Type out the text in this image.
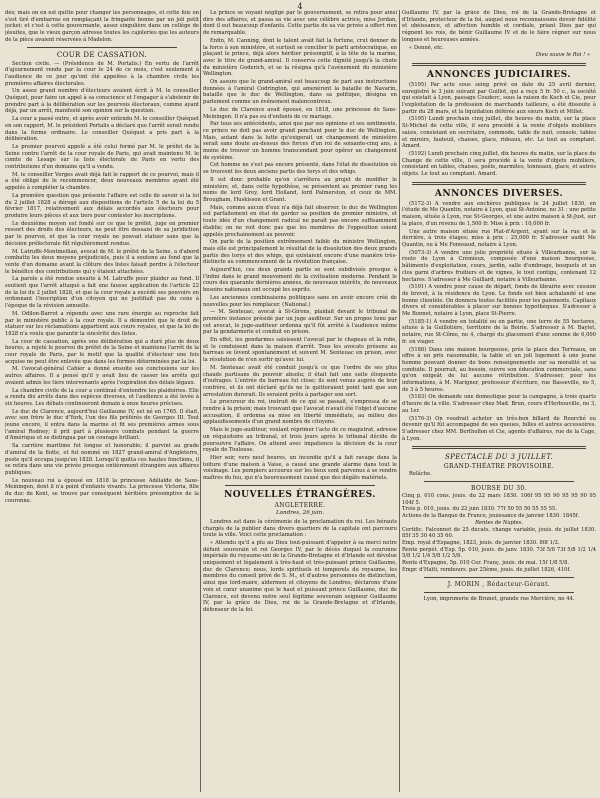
4

dés; mais on en est quitte pour changer les personnages, et cette fois on s'est tiré d'embarras en remplaçant la fringante bonne par un joli petit jockei; et c'est à cette gouvernante, assez singulière dans un collège de jésuites, que le vieux garçon adresse toutes les cajoleries que les auteurs de la pièce avaient réservées à Madelon.

COUR DE CASSATION.

Section civile. — (Présidence de M. Portalis.) En vertu de l'arrêt d'ajournement rendu par la cour le 24 de ce mois, c'est seulement à l'audience de ce jour qu'ont été appelées à la chambre civile les premières affaires électorales.

Un assez grand nombre d'électeurs avaient écrit à M. le conseiller Quéquet, pour faire un appel à sa conscience et l'engager à s'abstenir de prendre part à la délibération sur les pourvois électoraux, comme ayant déjà, par un arrêt, manifesté son opinion sur la question.

La cour a passé outre, et après avoir entendu M. le conseiller Quéquet en son rapport, M. le président Portalis a déclaré que l'arrêt serait rendu dans la forme ordinaire. Le conseiller Quéquet a pris part à la délibération.

Le premier pourvoi appelé a été celui formé par M. le préfet de la Seine contre l'arrêt de la cour royale de Paris, qui avait maintenu M. le comte de Lesage sur la liste électorale de Paris en vertu des contributions d'un domaine qu'il a vendu.

M. le conseiller Verges avait déjà fait le rapport de ce pourvoi, mais il a été obligé de le recommencer, deux nouveaux membres ayant été appelés à compléter la chambre.

La première question que présente l'affaire est celle de savoir si la loi du 2 juillet 1828 a dérogé aux dispositions de l'article 5 de la loi du 5 février 1817, relativement aux délais accordés aux électeurs pour produire leurs pièces et aux tiers pour contester les inscriptions.

Le deuxième moyen est fondé sur ce que le préfet, juge en premier ressort des droits des électeurs, ne peut être dessaisi de sa juridiction par le pourvoi, et que la cour royale ne pouvait statuer sans que la décision préfectorale fût régulièrement rendue.

M. Latruffe-Montmeilian, avocat de M. le préfet de la Seine, a d'abord combattu les deux moyens préjudiciels, puis il a soutenu au fond que la vente d'un domaine avant la clôture des listes faisait perdre à l'électeur le bénéfice des contributions qui y étaient attachées.

La parole a été rendue ensuite à M. Latruffe pour plaider au fond. Il soutient que l'arrêt attaqué a fait une fausse application de l'article 22 de la loi du 2 juillet 1828, et que la cour royale a excédé ses pouvoirs en ordonnant l'inscription d'un citoyen qui ne justifiait pas du cens à l'époque de la révision annuelle.

M. Odilon-Barrot a répondu avec une rare énergie au reproche fait par le ministère public à la cour royale. Il a démontré que le droit de statuer sur les réclamations appartient aux cours royales, et que la loi de 1828 n'a voulu que garantir la sincérité des listes.

La cour de cassation, après une délibération qui a duré plus de deux heures, a rejeté le pourvoi du préfet de la Seine et maintenu l'arrêt de la cour royale de Paris, par le motif que la qualité d'électeur une fois acquise ne peut être enlevée que dans les formes déterminées par la loi.

M. l'avocat-général Cahier a donné ensuite ses conclusions sur les autres affaires. Il a pensé qu'il y avait lieu de casser les arrêts qui avaient admis les tiers intervenants après l'expiration des délais légaux.

La chambre civile de la cour a continué d'entendre les plaidoiries. Elle a rendu dix arrêts dans des espèces diverses, et l'audience a été levée à six heures. Les débats continueront demain à onze heures précises.

Le duc de Clarence, aujourd'hui Guillaume IV, est né en 1765. Il était, avec son frère le duc d'York, l'un des fils préférés de Georges III. Tout jeune encore, il entra dans la marine et fit ses premières armes sous l'amiral Rodney; il prit part à plusieurs combats pendant la guerre d'Amérique et se distingua par un courage brillant.

Sa carrière maritime fut longue et honorable; il parvint au grade d'amiral de la flotte, et fut nommé en 1827 grand-amiral d'Angleterre, poste qu'il occupa jusqu'en 1828. Lorsqu'il quitta ces hautes fonctions, il se retira dans une vie privée presque entièrement étrangère aux affaires publiques.

Le nouveau roi a épousé en 1818 la princesse Adélaïde de Saxe-Meiningen, dont il n'a point d'enfants vivants. La princesse Victoria, fille du duc de Kent, se trouve par conséquent héritière présomptive de la couronne.

Le prince se voyant négligé par le gouvernement, se retira pour ainsi dire des affaires, et passa sa vie avec une célèbre actrice, miss Jordan, dont il eut beaucoup d'enfants. Cette partie de sa vie privée a offert rien de remarquable.

Enfin, M. Canning, dont le talent avait fait la fortune, crut donner de la force à son ministère, et surtout se concilier le parti aristocratique, en plaçant le prince, déjà alors héritier présomptif, à la tête de la marine, avec le titre de grand-amiral. Il conserva cette dignité jusqu'à la chute du ministère Goderich, et se la résigna qu'à l'avénement du ministère Wellington.

On assure que le grand-amiral eut beaucoup de part aux instructions données à l'amiral Codrington, qui amenèrent la bataille de Navarin, bataille que le duc de Wellington, dans sa politique, désigna en parlement comme un événement malencontreux.

Le duc de Clarence avait épousé, en 1818, une princesse de Saxe-Meiningen. Il n'a pas eu d'enfants de ce mariage.

Par tous ses antécédents, ainsi que par ses opinions et ses sentiments, ce prince ne doit pas avoir grand penchant pour le duc de Wellington. Mais, autant dans la lutte qu'exigerait un changement de ministère serait sans doute au-dessus des forces d'un roi de soixante-cinq ans, à moins de trouver un homme transcendant pour opérer un changement de système.

Cet homme ne s'est pas encore présenté, dans l'état de dissolution où se trouvent les deux anciens partis des torys et des whigs.

Il est donc probable qu'on s'arrêtera au projet de modifier le ministère, et, dans cette hypothèse, se présentent au premier rang les noms de lord Grey, lord Holland, lord Palmerston, et ceux de MM. Brougham, Huskisson et Grant.

Mais, comme aucun d'eux n'a déjà fait observer, le duc de Wellington est parfaitement en état de garder sa position de premier ministre, et toute idée d'un changement radical ne paraît pas encore suffisamment établie; on ne voit donc pas que les membres de l'opposition soient appelés prochainement au pouvoir.

On parle de la position extrêmement faible du ministre Wellington, mais elle est principalement le résultat de la dissolution des deux grands partis des torys et des whigs, qui existaient encore d'une manière très-distincte au commencement de la révolution française.

Aujourd'hui, ces deux grands partis se sont subdivisés presque à l'infini dans le grand mouvement de la civilisation moderne. Pendant le cours des quarante dernières années, de nouveaux intérêts, de nouveaux besoins nationaux ont occupé les esprits.

Les anciennes combinaisons politiques sans en avoir encore créé de nouvelles pour les remplacer. (National.)

— M. Senteuac, avocat à St-Girons, plaidait devant le tribunal de première instance présidé par un juge auditeur. Sur un propos tenu par cet avocat, le juge-auditeur ordonna qu'il fût arrêté à l'audience même par la gendarmerie et conduit en prison.

En effet, les gendarmes saisissent l'avocat par le chapeau et la robe, et le conduisent dans la maison d'arrêt. Tous les avocats présens au barreau se lèvent spontanément et suivent M. Senteuac en prison, avec la résolution de n'en sortir qu'avec lui.

M. Senteuac avait été conduit jusqu'à ce que l'ordre de ses plus chauds partisans du pouvoir absolu; il était fait une suite éloquente d'outrages. L'entrée du barreau fut close; ils sont venus auprès de leur confrère, et ils ont déclaré qu'ils ne le quitteraient point tant que son arrestation durerait. Ils seraient prêts à partager son sort.

Le procureur du roi, instruit de ce qui se passait, s'empressa de se rendre à la prison; mais trouvant que l'avocat n'avait été l'objet d'aucune accusation, il ordonna sa mise en liberté immédiate, au milieu des applaudissements d'un grand nombre de citoyens.

Mais le juge-auditeur, voulant réprimer l'acte de ce magistrat, adresse un réquisitoire au tribunal, et trois jours après le tribunal décide de poursuivre l'affaire. On attend avec impatience la décision de la cour royale de Toulouse.

Hier soir, vers neuf heures, un incendie qu'il a fait ravage dans la toiture d'une maison à Vaise, a causé une grande alarme dans tout le voisinage. Les pompiers accourus sur les lieux sont parvenus à se rendre maîtres du feu, qui n'a heureusement causé que des dégâts matériels.

NOUVELLES ÉTRANGÈRES.
ANGLETERRE.
Londres, 26 juin.

Londres est dans la cérémonie de la proclamation du roi. Les hérauts chargés de la publier dans divers quartiers de la capitale ont parcouru toute la ville. Voici cette proclamation :

« Attendu qu'il a plu au Dieu tout-puissant d'appeler à sa merci notre défunt souverain et roi Georges IV, par le décès duquel la couronne impériale du royaume-uni de la Grande-Bretagne et d'Irlande est dévolue uniquement et légalement à très-haut et très-puissant prince Guillaume, duc de Clarence; nous, lords spirituels et temporels du royaume, les membres du conseil privé de S. M., et d'autres personnes de distinction, ainsi que lord-maire, aldermen et citoyens de Londres, déclarons d'une voix et cœur unanime que le haut et puissant prince Guillaume, duc de Clarence, est devenu notre seul légitime souverain seigneur Guillaume IV, par la grâce de Dieu, roi de la Grande-Bretagne et d'Irlande, défenseur de la foi.

Guillaume IV, par la grâce de Dieu, roi de la Grande-Bretagne et d'Irlande, protecteur de la foi, auquel nous reconnaissons devoir fidélité et obéissance, et affection humble et cordiale, priant Dieu par qui régnent les rois, de bénir Guillaume IV et de le faire régner sur nous longues et heureuses années.

« Donné, etc.

Dieu sauve le Roi ! »

ANNONCES JUDICIAIRES.

(5195) Par acte sous seing privé en date du 25 avril dernier, enregistré le 3 juin suivant par Guillot, qui a reçu 5 fr. 50 c., la société qui existait à Lyon, passage Couderc, sous la raison de Koch et Cie, pour l'exploitation de la profession de marchands tailleurs, a été dissoute à partir du 28 mars, et la liquidation déférée aux sieurs Koch et Millet.

(5195) Lundi prochain cinq juillet, dix heures du matin, sur la place St-Michel de cette ville, il sera procédé à la vente d'objets mobiliers saisis, consistant en secrétaire, commode, table de nuit, console, tables et miroirs, fauteuil, chaises, glace, rideaux, etc. Le tout au comptant. Amard.

(5192) Lundi prochain cinq juillet, dix heures du matin, sur la place du Change de cette ville, il sera procédé à la vente d'objets mobiliers, consistant en tables, chaises, poêle, marmites, tonneaux, glace, et autres objets. Le tout au comptant. Amard.

ANNONCES DIVERSES.

(5172-3) A vendre aux enchères publiques le 24 juillet 1830, en l'étude de Me Quantin, notaire à Lyon, quai St-Antoine, no 31 : une petite maison, située à Lyon, rue St-Georges, et une autre maison à St-Just, sur la place, d'un revenu de 1,500 fr. Mise à prix : 10,000 fr.

Une autre maison située rue Plat-d'Argent, ayant sur la rue et le derrière, à trois étages; mise à prix : 25,000 fr. S'adresser audit Me Quantin, ou à Me Fonesaud, notaire à Lyon.

(5073-3) A vendre une jolie propriété située à Villeurbanne, sur la route de Lyon à Crémieux, composée d'une maison bourgeoise, bâtiments d'exploitation, cours, jardin, salle d'ombrage, bosquets et un clos garni d'arbres fruitiers et de vignes, le tout contigu, contenant 12 hectares. S'adresser à Me Guillard, notaire à Villeurbanne.

(5191) A vendre pour cause de départ, fonds de librairie avec cession de brevet, à la résidence de Lyon. Le fonds est bien achalandé et une bonne clientèle. On donnera toutes facilités pour les paiements. Capitaux divers et considérables à placer sur bonnes hypothèques. S'adresser à Me Bonnet, notaire à Lyon, place St-Pierre.

(5185-1) A vendre en totalité ou en partie, une terre de 55 hectares, située à la Guillotière, territoire de la Boirie. S'adresser à M. Baylet, notaire, rue St-Côme, no 4, chargé du placement d'une somme de 6,000 fr. en viager.

(5188) Dans une maison bourgeoise, près la place des Terreaux, on offre à un prix raisonnable, la table et un joli logement à une jeune homme pouvant donner de bons renseignements sur sa moralité et sa conduite. Il pourrait, au besoin, suivre son éducation commerciale, sans qu'on exigeât de lui aucune rétribution. S'adresser, pour les informations, à M. Marigner, professeur d'écriture, rue Basseville, no 5, de 3 à 5 heures.

(5183) On demande une domestique pour la campagne, à trois quarts d'heure de la ville. S'adresser chez Mad. Brun, cours d'Herbouville, no 3, au 1er.

(5176-3) On voudrait acheter un très-bon billard de Rourché ou devenir qu'il fût accompagné de ses queues, billes et autres accessoires. S'adresser chez MM. Berthollon et Cie, agents d'affaires, rue de la Cage, à Lyon.

SPECTACLE DU 3 JUILLET.
GRAND-THÉATRE PROVISOIRE.

Relâche.

BOURSE DU 30.

Cinq p. 010 cons. jouis. du 22 mars 1830. 106f 95 95 90 95 95 90 95 104f 5.

Trois p. 010, jouis. du 22 juin 1830. 77f 50 55 50 55 55 55.

Actions de la Banque de France, jouissance de janvier 1830. 1845f.

Rentes de Naples.

Certific. Falconnet de 25 ducats, change variable, jouis. de juillet 1830. 85f 35 30 40 35 60.

Emp. royal d'Espagne, 1823, jouis. de janvier 1830. 80f 1/2.

Rente perpét. d'Esp. 5p. 010, jouis. de janv. 1830. 73f 5/8 73f 5/8 1/2 1/4 5/8 1/2 1/4 5/8 1/2 5/8.

Rente d'Espagne, 5p. 010 Cer. Franç. jouis. de mai. 15f 1/8 5/8.

Empr. d'Haïti, rembours. par 25ème, jouis. de juillet 1826, 410f.

J. MORIN , Rédacteur-Gérant.

Lyon, imprimerie de Brunet, grande rue Mercière, no 44.
